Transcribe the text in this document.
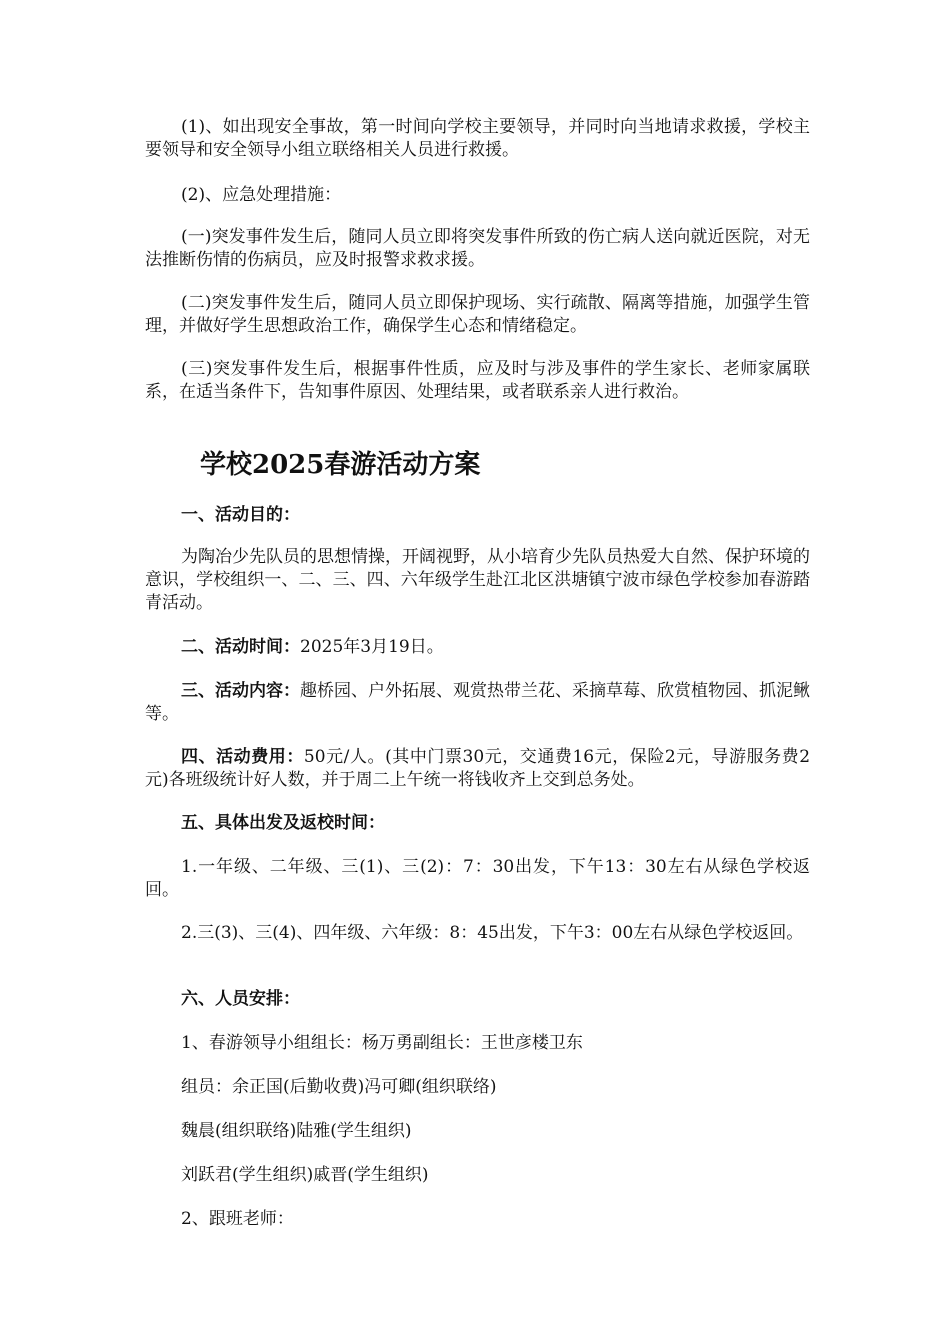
(1)、如出现安全事故，第一时间向学校主要领导，并同时向当地请求救援，学校主要领导和安全领导小组立联络相关人员进行救援。

(2)、应急处理措施：

(一)突发事件发生后，随同人员立即将突发事件所致的伤亡病人送向就近医院，对无法推断伤情的伤病员，应及时报警求救求援。

(二)突发事件发生后，随同人员立即保护现场、实行疏散、隔离等措施，加强学生管理，并做好学生思想政治工作，确保学生心态和情绪稳定。

(三)突发事件发生后，根据事件性质，应及时与涉及事件的学生家长、老师家属联系，在适当条件下，告知事件原因、处理结果，或者联系亲人进行救治。

学校2025春游活动方案

一、活动目的：

为陶冶少先队员的思想情操，开阔视野，从小培育少先队员热爱大自然、保护环境的意识，学校组织一、二、三、四、六年级学生赴江北区洪塘镇宁波市绿色学校参加春游踏青活动。

二、活动时间：2025年3月19日。

三、活动内容：趣桥园、户外拓展、观赏热带兰花、采摘草莓、欣赏植物园、抓泥鳅等。

四、活动费用：50元/人。(其中门票30元，交通费16元，保险2元，导游服务费2元)各班级统计好人数，并于周二上午统一将钱收齐上交到总务处。

五、具体出发及返校时间：

1.一年级、二年级、三(1)、三(2)：7：30出发，下午13：30左右从绿色学校返回。

2.三(3)、三(4)、四年级、六年级：8：45出发，下午3：00左右从绿色学校返回。

六、人员安排：

1、春游领导小组组长：杨万勇副组长：王世彦楼卫东

组员：余正国(后勤收费)冯可卿(组织联络)

魏晨(组织联络)陆雅(学生组织)

刘跃君(学生组织)戚晋(学生组织)

2、跟班老师：
